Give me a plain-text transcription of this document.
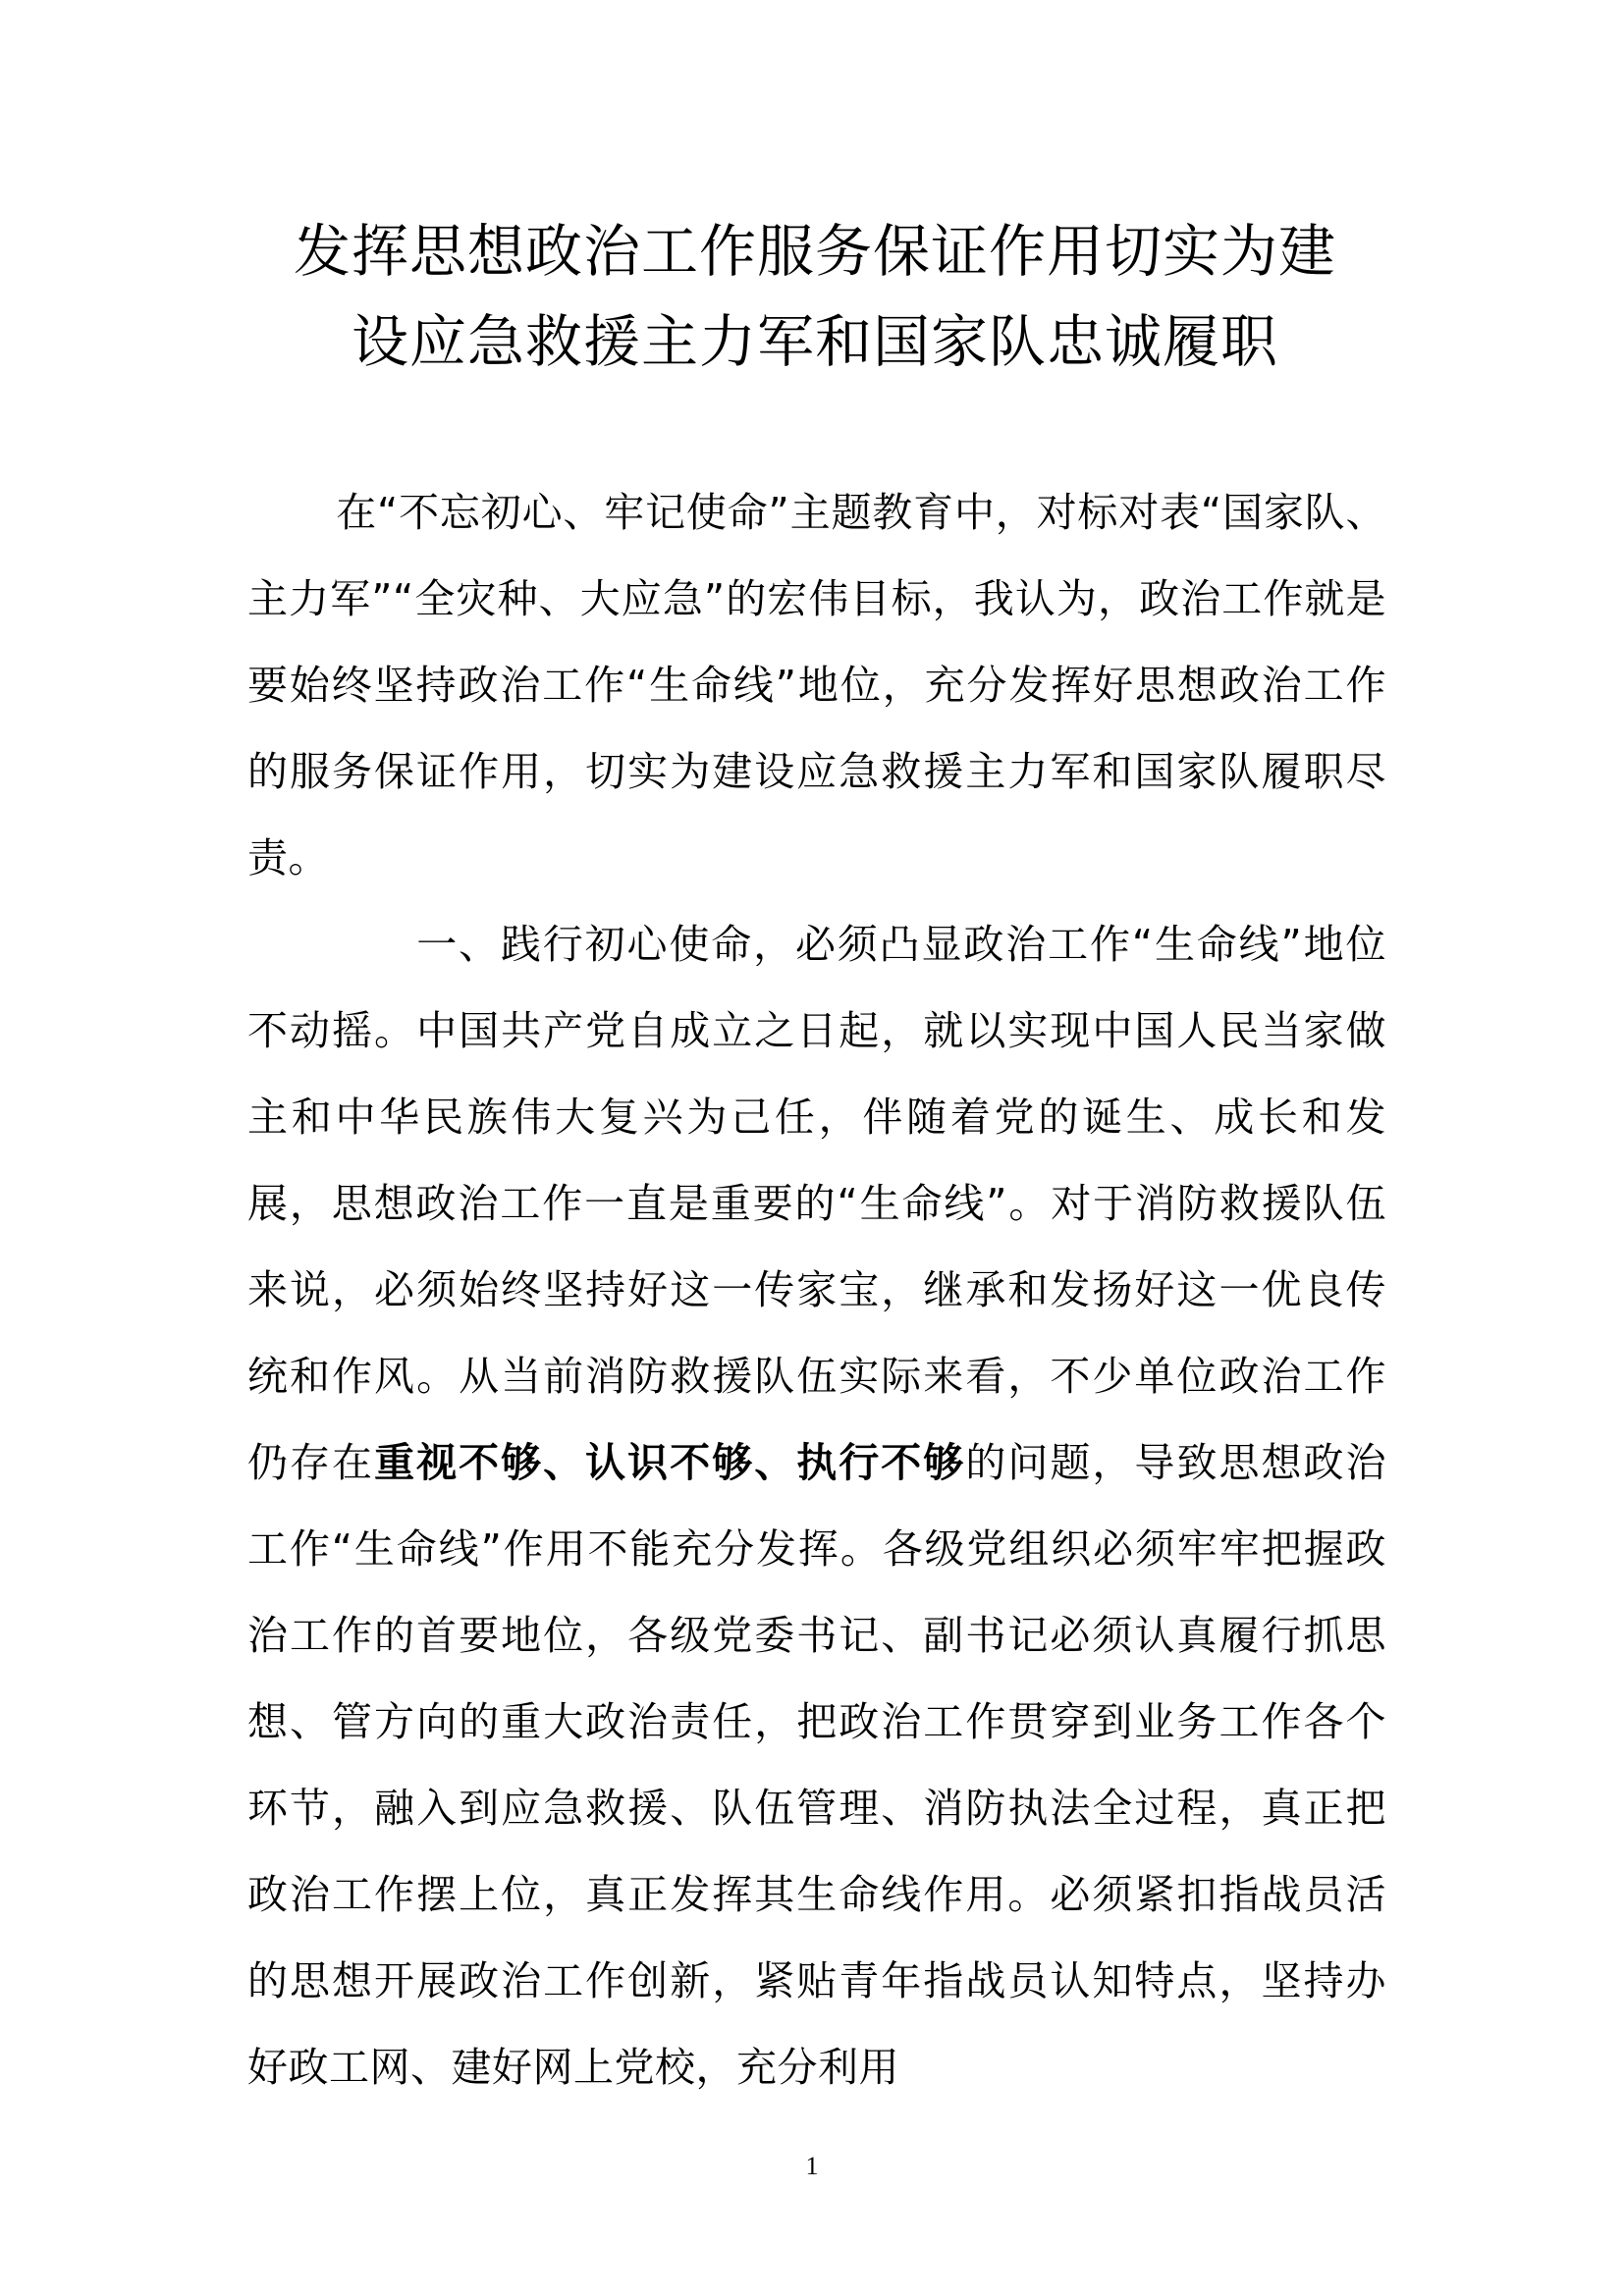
发挥思想政治工作服务保证作用切实为建
设应急救援主力军和国家队忠诚履职

在“不忘初心、牢记使命”主题教育中，对标对表“国家队、主力军”“全灾种、大应急”的宏伟目标，我认为，政治工作就是要始终坚持政治工作“生命线”地位，充分发挥好思想政治工作的服务保证作用，切实为建设应急救援主力军和国家队履职尽责。

一、践行初心使命，必须凸显政治工作“生命线”地位不动摇。中国共产党自成立之日起，就以实现中国人民当家做主和中华民族伟大复兴为己任，伴随着党的诞生、成长和发展，思想政治工作一直是重要的“生命线”。对于消防救援队伍来说，必须始终坚持好这一传家宝，继承和发扬好这一优良传统和作风。从当前消防救援队伍实际来看，不少单位政治工作仍存在重视不够、认识不够、执行不够的问题，导致思想政治工作“生命线”作用不能充分发挥。各级党组织必须牢牢把握政治工作的首要地位，各级党委书记、副书记必须认真履行抓思想、管方向的重大政治责任，把政治工作贯穿到业务工作各个环节，融入到应急救援、队伍管理、消防执法全过程，真正把政治工作摆上位，真正发挥其生命线作用。必须紧扣指战员活的思想开展政治工作创新，紧贴青年指战员认知特点，坚持办好政工网、建好网上党校，充分利用

1
